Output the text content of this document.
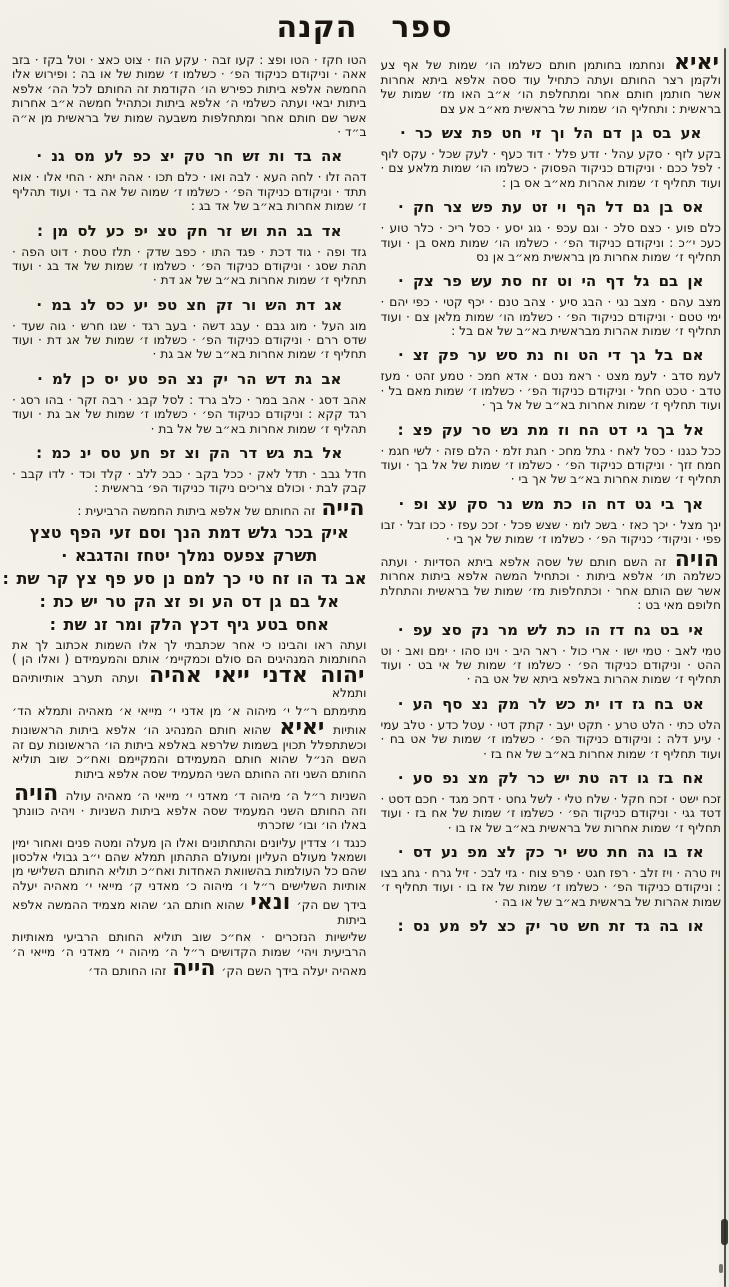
ספר
הקנה

יאיא ונחתמו בחותמן חותם כשלמו הו׳ שמות של אף צע ולקמן רצר החותם ועתה כתחיל עוד ססה אלפא ביתא אחרות אשר חותמן חותם אחר ומתחלפת הו׳ א״ב האו מז׳ שמות של בראשית : ותחליף הו׳ שמות של בראשית מא״ב אע צם

אע בס גן דם הל וך זי חט פת צש כר ·

בקע לזף · סקע עהל · זדע פלל · דוד כעף · לעק שכל · עקס לוף · לפל ככם · וניקודם כניקוד הפסוק · כשלמו הו׳ שמות מלאע צם · ועוד תחליף ז׳ שמות אהרות מא״ב אס בן :

אס בן גם דל הף וי זט עת פש צר חק ·

כלם פוע · כצם סלכ · וגם עכפ · גוג יסע · כסל ריכ · כלר טוע · כעכ י״כ : וניקודם כניקוד הפ׳ · כשלמו הו׳ שמות מאס בן · ועוד תחליף ז׳ שמות אחרות מן בראשית מא״ב אן נס

אן בם גל דף הי וט זח סת עש פר צק ·

מצב עהם · מצב נגי · הבג סיע · צהב טנם · יכף קטי · כפי יהם · ימי טטם · וניקודם כניקוד הפ׳ · כשלמו הו׳ שמות מלאן צם · ועוד תחליף ז׳ שמות אהרות מבראשית בא״ב של אם בל :

אם בל גך די הט וח נת סש ער פק זצ ·

לעמ סדב · לעמ מצט · ראמ נטם · אדא חמכ · טמע זהט · מעז טדב · טכט חחל · וניקודם כניקוד הפ׳ · כשלמו ז׳ שמות מאם בל · ועוד תחליף ז׳ שמות אחרות בא״ב של אל בך ·

אל בך גי דט הח וז מת נש סר עק פצ :

ככל כגנו · כסל לאח · גתל מחכ · חגת זלמ · הלם פזה · לשי חגמ · חמח זזך · וניקודם כניקוד הפ׳ · כשלמו ז׳ שמות של אל בך · ועוד תחליף ז׳ שמות אחרות בא״ב של אך בי ·

אך בי גט דח הו כת מש נר סק עצ ופ ·

ינך מצל · יכך כאז · בשכ לומ · שצש פכל · זככ עפז · ככו זבל · זבו פפי · וניקוד׳ כניקוד הפ׳ · כשלמו ז׳ שמות של אך בי ·

הויה זה השם חותם של שסה אלפא ביתא הסדיות · ועתה כשלמה תו׳ אלפא ביתות · וכתחיל המשה אלפא ביתות אחרות אשר שם הותם אחר · וכתחלפות מז׳ שמות של בראשית והתחלת חלופם מאי בט :

אי בט גח דז הו כת לש מר נק סצ עפ ·

טמי לאב · טמי ישו · ארי כול · ראר היב · וינו סהו · ימם ואב · וט ההט · וניקודם כניקוד הפ׳ · כשלמו ז׳ שמות של אי בט · ועוד תחליף ז׳ שמות אהרות באלפא ביתא של אט בה ·

אט בח גז דו ית כש לר מק נצ סף הע ·

הלט כתי · הלט טרע · תקט יעב · קתק דטי · עטל כדע · טלב עמי · עיע דלה : וניקודם כניקוד הפ׳ · כשלמו ז׳ שמות של אט בח · ועוד תחליף ז׳ שמות אחרות בא״ב של אח בז ·

אח בז גו דה טת יש כר לק מצ נפ סע ·

זכח ישט · זכח חקל · שלח טלי · לשל גחט · דחכ מגד · חכם דסט · דטד גגי · וניקודם כניקוד הפ׳ · כשלמו ז׳ שמות של אח בז · ועוד תחליף ז׳ שמות אחרות של בראשית בא״ב של אז בו ·

אז בו גה חת טש יר כק לצ מפ נע דס ·

ויז טרה · ויז זלב · רפז חגט · פרפ צוח · גזי לבכ · זיל גרח · גחג בצו : וניקודם כניקוד הפ׳ · כשלמו ז׳ שמות של אז בו · ועוד תחליף ז׳ שמות אהרות של בראשית בא״ב של או בה ·

או בה גד זת חש טר יק כצ לפ מע נס :

הטו חקז · הטו ופצ : קעו זבה · עקע הוז · צוט כאצ · וטל בקז · בזב אאה · וניקודם כניקוד הפ׳ · כשלמו ז׳ שמות של או בה : ופירוש אלו החמשה אלפא ביתות כפירש הו׳ הקודמת זה החותם לכל הה׳ אלפא ביתות יבאי ועתה כשלמי ה׳ אלפא ביתות וכתהיל חמשה א״ב אחרות אשר שם חותם אחר ומתחלפות משבעה שמות של בראשית מן א״ה ב״ד ·

אה בד ות זש חר טק יצ כפ לע מס גנ ·

דהה זלו · לחה העא · לבה ואו · כלם תכו · אהה יתא · החי אלו · אוא תתד · וניקודם כניקוד הפ׳ · כשלמו ז׳ שמוה של אה בד · ועוד תהליף ז׳ שמות אחרות בא״ב של אד בג :

אד בג הת וש זר חק טצ יפ כע לס מן :

גזד ופה · גוד דכת · פגד התו · כפב שדק · תלז טסת · דוט הפה · תהת שסג · וניקודם כניקוד הפ׳ · כשלמו ז׳ שמות של אד בג · ועוד תחליף ז׳ שמות אחרות בא״ב של אג דת ·

אג דת הש ור זק חצ טפ יע כס לנ במ ·

מוג העל · מוג גבם · עבג דשה · בעב רגד · שגו חרש · גוה שעד · שדס ררם · וניקודם כניקוד הפ׳ · כשלמו ז׳ שמות של אג דת · ועוד תחליף ז׳ שמות אחרות בא״ב של אב גת ·

אב גת דש הר יק נצ הפ טע יס כן למ ·

אהב דסג · אהב במר · כלב גרד : לסל קבג · רבה זקר · בהו רסג · רגד קקא : וניקודם כניקוד הפ׳ · כשלמו ז׳ שמות של אב גת · ועוד תהליף ז׳ שמות אחרות בא״ב של אל בת ·

אל בת גש דר הק וצ זפ חע טס ינ כמ :

חדל גבב · תדל לאק · ככל בקב · כבכ ללב · קלד וכד · לדו קבב · קבק לבת · וכולם צריכים ניקוד כניקוד הפ׳ בראשית :

הייה זה החותם של אלפא ביתות החמשה הרביעית :

איק בכר גלש דמת הנך וסם זעי הפף טצץ
תשרק צפעס נמלך יטחז והדגבא ·
אב גד הו זח טי כך למם נן סע פף צץ קר שת :
אל בם גן דס הע ופ זצ הק טר יש כת :
אחס בטע גיף דכץ הלק ומר זנ שת :

ועתה ראו והבינו כי אחר שכתבתי לך אלו השמות אכתוב לך את החותמות המנהיגים הם סולם וכמקיימ׳ אותם והמעמידם ( ואלו הן ) יהוה אדני ייאי אהיה ועתה תערב אותיותיהם ותמלא

מתימתם ר״ל י׳ מיהוה א׳ מן אדני י׳ מייאי א׳ מאהיה ותמלא הד׳ אותיות יאיא שהוא חותם המנהיג הו׳ אלפא ביתות הראשונות וכשתתפלל תכוין בשמות שלרפא באלפא ביתות הו׳ הראשונות עם זה השם הנ״ל שהוא חותם המעמידם והמקיימם ואח״כ שוב תוליא החותם השני וזה החותם השני המעמיד שסה אלפא ביתות

השניות ר״ל ה׳ מיהוה ד׳ מאדני י׳ מייאי ה׳ מאהיה עולה הויה וזה החותם השני המעמיד שסה אלפא ביתות השניות · ויהיה כוונתך באלו הו׳ ובו׳ שזכרתי

כנגד ו׳ צדדין עליונים והתחתונים ואלו הן מעלה ומטה פנים ואחור ימין ושמאל מעולם העליון ומעולם התהתון תמלא שהם י״ב גבולי אלכסון שהם כל העולמות בהשוואת האחדות ואח״כ תוליא החותם השלישי מן אותיות השלישים ר״ל ו׳ מיהוה כ׳ מאדני ק׳ מייאי י׳ מאהיה יעלה בידך שם הק׳ ונאי שהוא חותם הג׳ שהוא מצמיד ההמשה אלפא ביתות

שלישיות הנזכרים · אח״כ שוב תוליא החותם הרביעי מאותיות הרביעית ויהי׳ שמות הקדושים ר״ל ה׳ מיהוה י׳ מאדני ה׳ מייאי ה׳ מאהיה יעלה בידך השם הק׳ הייה זהו החותם הד׳
